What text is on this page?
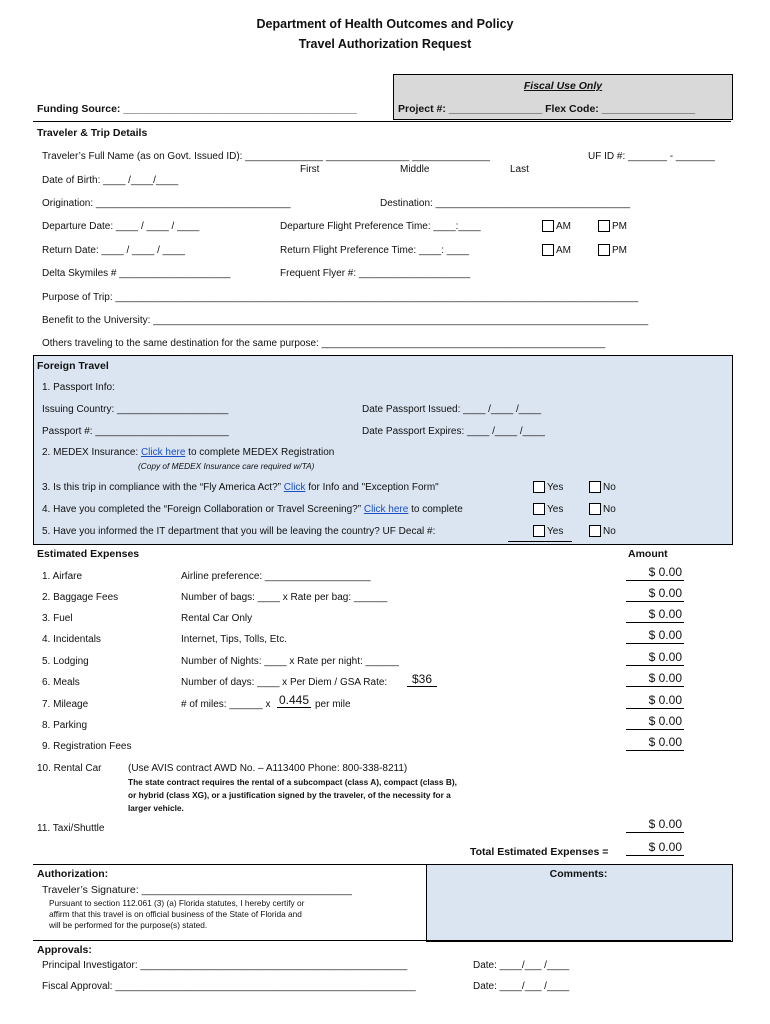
Department of Health Outcomes and Policy
Travel Authorization Request
Fiscal Use Only
Project #: ________________ Flex Code: ________________
Funding Source: ________________________________________
Traveler & Trip Details
Traveler’s Full Name (as on Govt. Issued ID): ______________ _______________ ______________
First	Middle	Last
UF ID #: _______ - _______
Date of Birth: ____ /____/____
Origination: ___________________________________	Destination: ___________________________________
Departure Date: ____ / ____ / ____	Departure Flight Preference Time: ____:____	AM	PM
Return Date: ____ / ____ / ____	Return Flight Preference Time: ____: ____	AM	PM
Delta Skymiles # ____________________	Frequent Flyer #: ____________________
Purpose of Trip: ______________________________________________________________________________________________
Benefit to the University: _________________________________________________________________________________________
Others traveling to the same destination for the same purpose: ___________________________________________________
Foreign Travel
1. Passport Info:
Issuing Country: ____________________	Date Passport Issued: ____ /____ /____
Passport #: ________________________	Date Passport Expires: ____ /____ /____
2. MEDEX Insurance: Click here to complete MEDEX Registration
(Copy of MEDEX Insurance care required w/TA)
3. Is this trip in compliance with the “Fly America Act?” Click for Info and "Exception Form"	Yes	No
4. Have you completed the “Foreign Collaboration or Travel Screening?” Click here to complete	Yes	No
5. Have you informed the IT department that you will be leaving the country? UF Decal #:	Yes	No
Estimated Expenses	Amount
1. Airfare	Airline preference: ___________________	$ 0.00
2. Baggage Fees	Number of bags: ____ x Rate per bag: ______	$ 0.00
3. Fuel	Rental Car Only	$ 0.00
4. Incidentals	Internet, Tips, Tolls, Etc.	$ 0.00
5. Lodging	Number of Nights: ____ x Rate per night: ______	$ 0.00
6. Meals	Number of days: ____ x Per Diem / GSA Rate:	$36	$ 0.00
7. Mileage	# of miles: ______ x 0.445 per mile	$ 0.00
8. Parking	$ 0.00
9. Registration Fees	$ 0.00
10. Rental Car	(Use AVIS contract AWD No. – A113400 Phone: 800-338-8211)
The state contract requires the rental of a subcompact (class A), compact (class B),
or hybrid (class XG), or a justification signed by the traveler, of the necessity for a
larger vehicle.
11. Taxi/Shuttle	$ 0.00
Total Estimated Expenses =	$ 0.00
Comments:
Authorization:
Traveler’s Signature: ____________________________________
Pursuant to section 112.061 (3) (a) Florida statutes, I hereby certify or
affirm that this travel is on official business of the State of Florida and
will be performed for the purpose(s) stated.
Approvals:
Principal Investigator: ________________________________________________	Date: ____/___ /____
Fiscal Approval: ______________________________________________________	Date: ____/___ /____
